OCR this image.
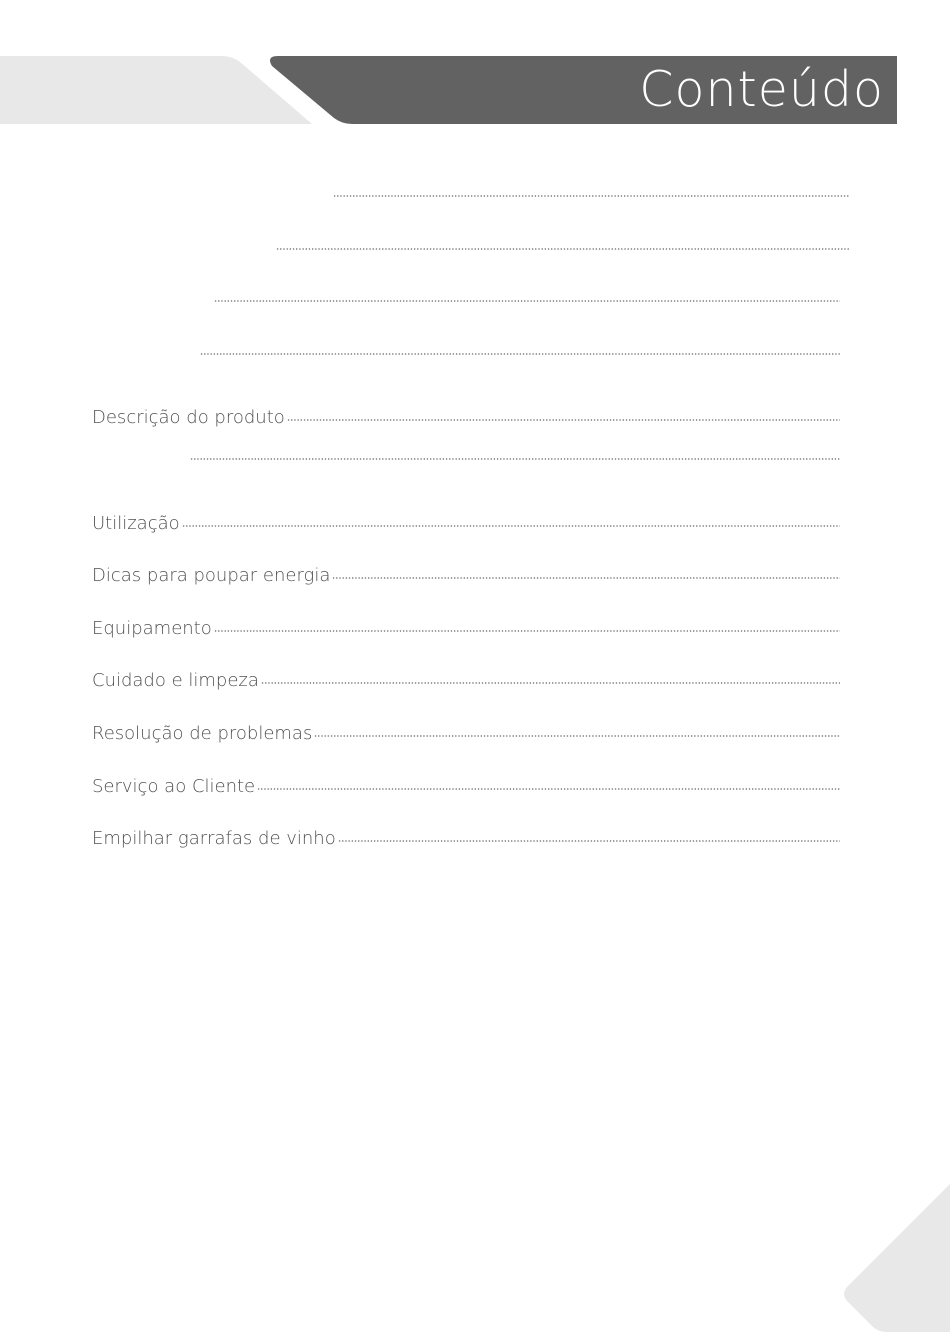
Conteúdo
Descrição do produto
Utilização
Dicas para poupar energia
Equipamento
Cuidado e limpeza
Resolução de problemas
Serviço ao Cliente
Empilhar garrafas de vinho
